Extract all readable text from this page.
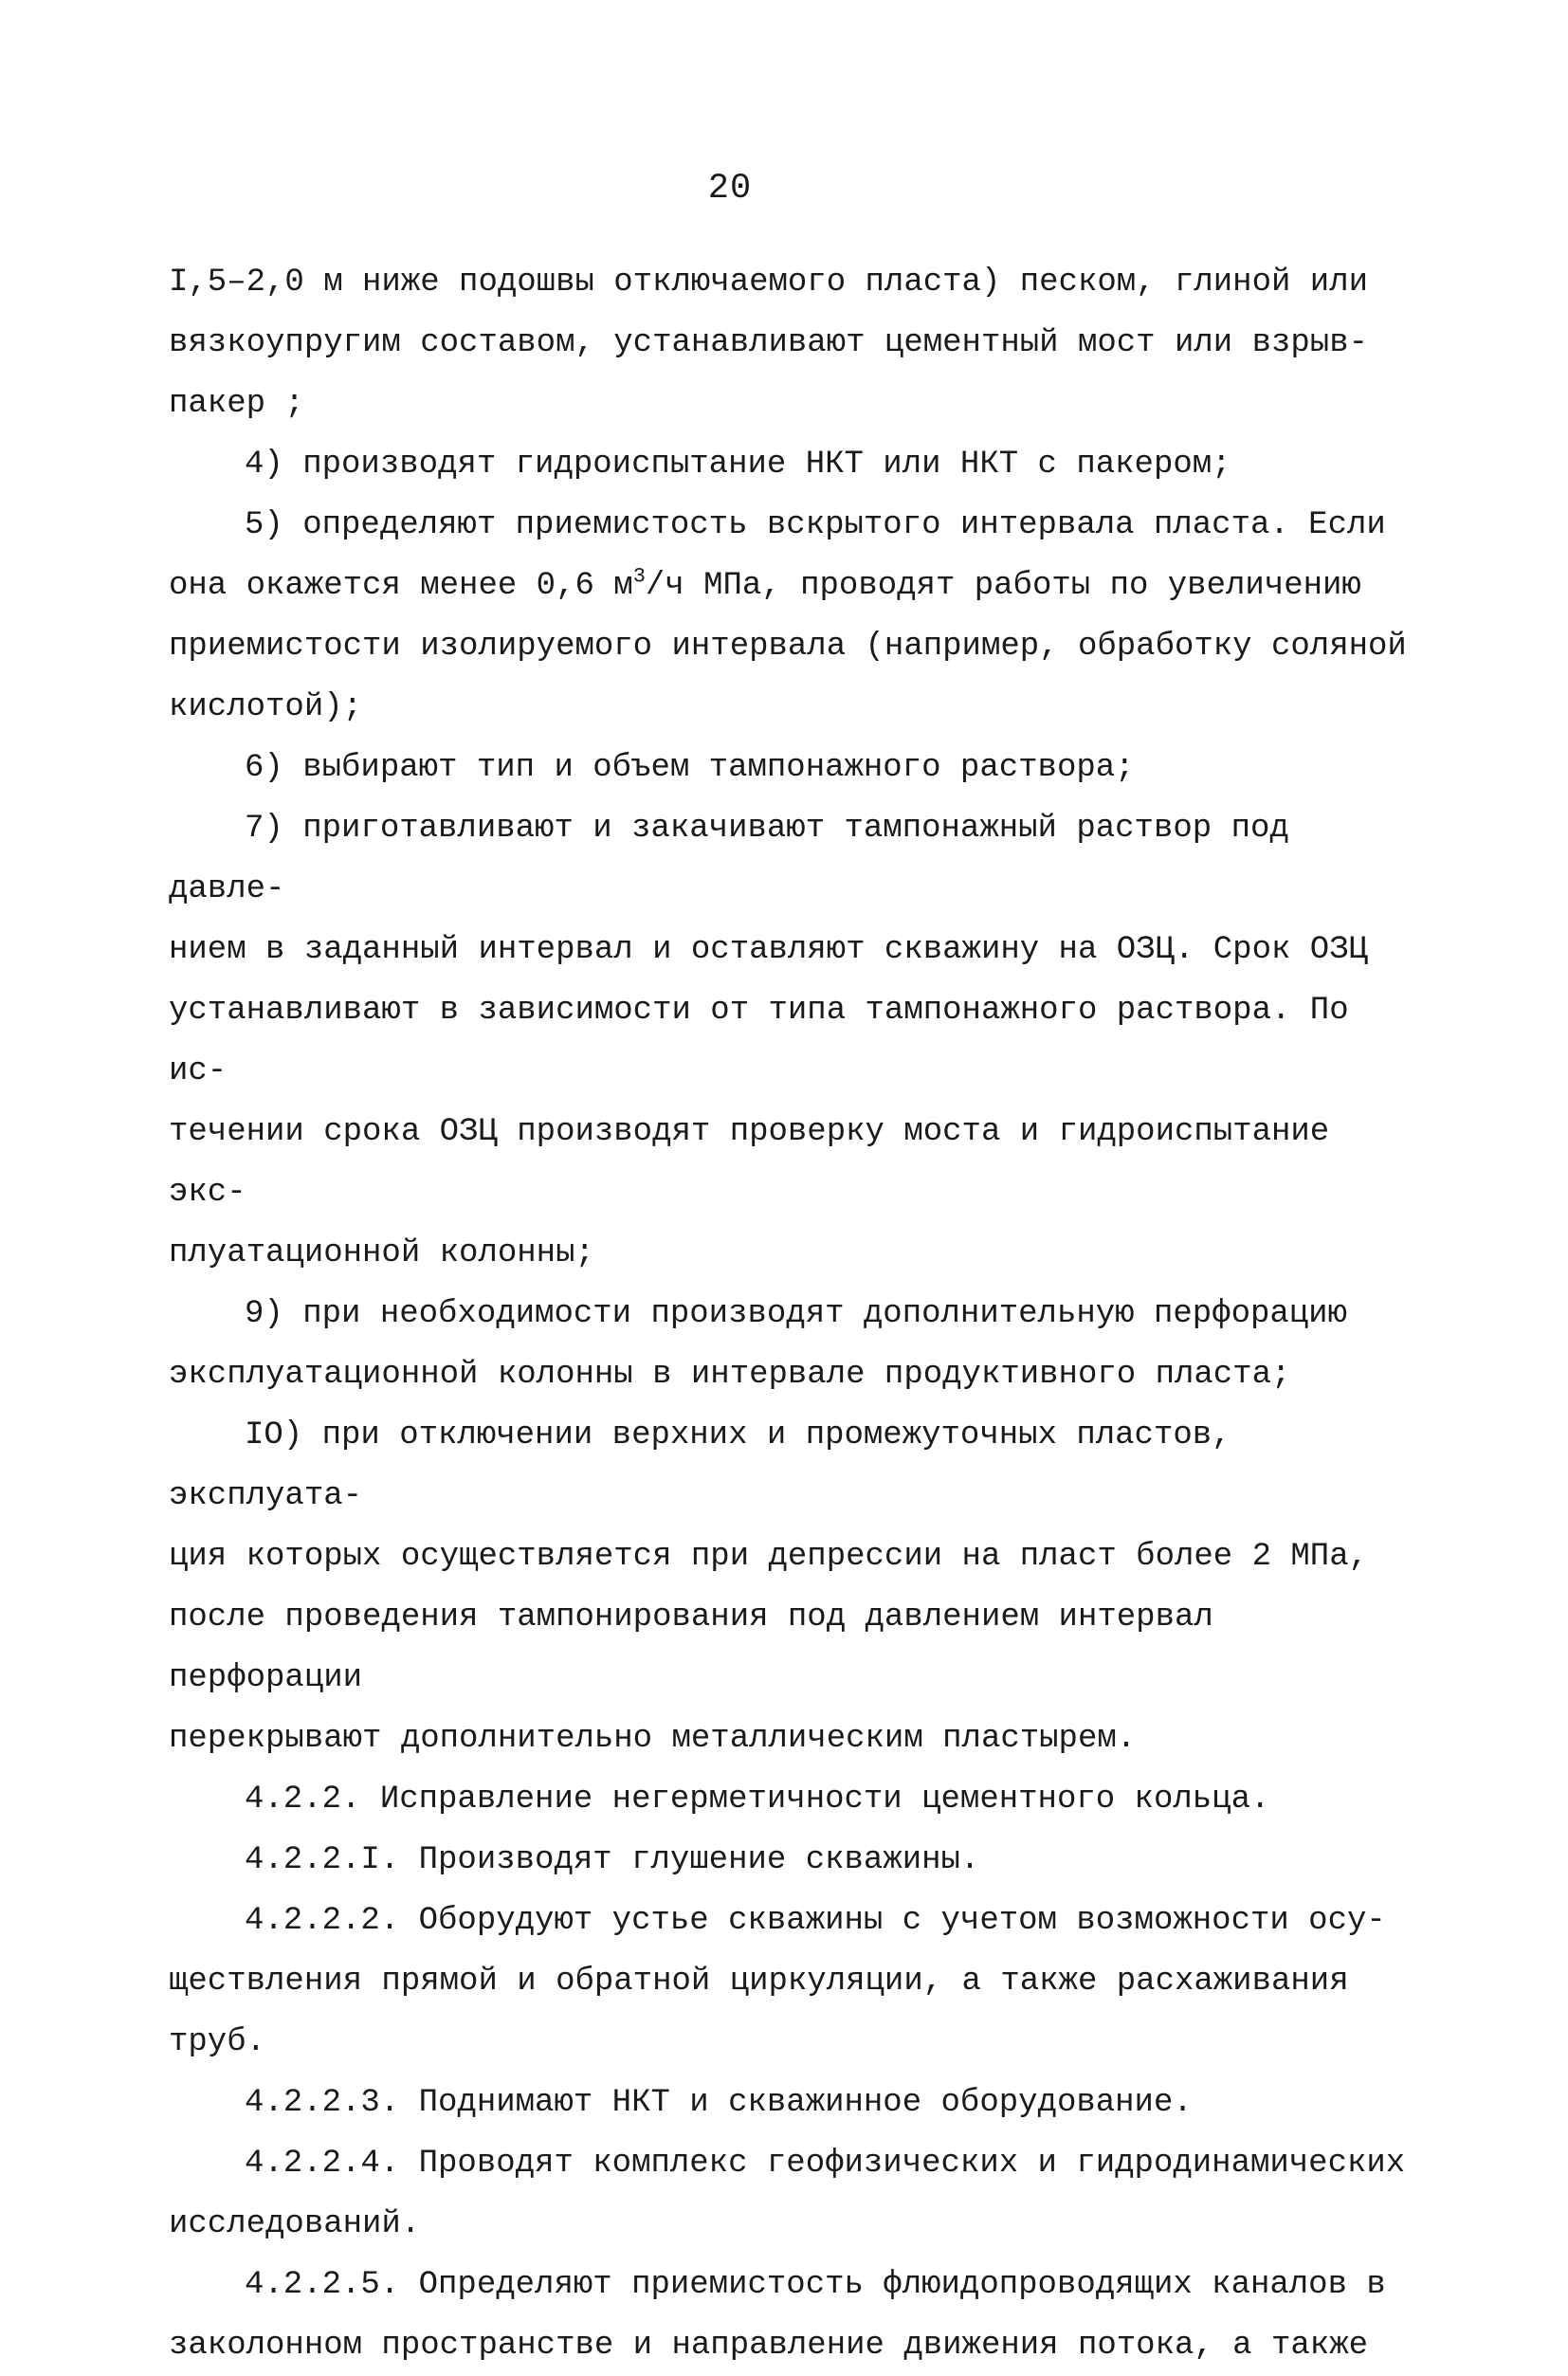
20

I,5–2,0 м ниже подошвы отключаемого пласта) песком, глиной или

вязкоупругим составом, устанавливают цементный мост или взрыв-

пакер ;

4) производят гидроиспытание НКТ или НКТ с пакером;

5) определяют приемистость вскрытого интервала пласта. Если

она окажется менее 0,6 $м^3/ч$ МПа, проводят работы по увеличению

приемистости изолируемого интервала (например, обработку соляной

кислотой);

6) выбирают тип и объем тампонажного раствора;

7) приготавливают и закачивают тампонажный раствор под давле-

нием в заданный интервал и оставляют скважину на ОЗЦ. Срок ОЗЦ

устанавливают в зависимости от типа тампонажного раствора. По ис-

течении срока ОЗЦ производят проверку моста и гидроиспытание экс-

плуатационной колонны;

9) при необходимости производят дополнительную перфорацию

эксплуатационной колонны в интервале продуктивного пласта;

IO) при отключении верхних и промежуточных пластов, эксплуата-

ция которых осуществляется при депрессии на пласт более 2 МПа,

после проведения тампонирования под давлением интервал перфорации

перекрывают дополнительно металлическим пластырем.

4.2.2. Исправление негерметичности цементного кольца.

4.2.2.I. Производят глушение скважины.

4.2.2.2. Оборудуют устье скважины с учетом возможности осу-

ществления прямой и обратной циркуляции, а также расхаживания труб.

4.2.2.3. Поднимают НКТ и скважинное оборудование.

4.2.2.4. Проводят комплекс геофизических и гидродинамических

исследований.

4.2.2.5. Определяют приемистость флюидопроводящих каналов в

заколонном пространстве и направление движения потока, а также
